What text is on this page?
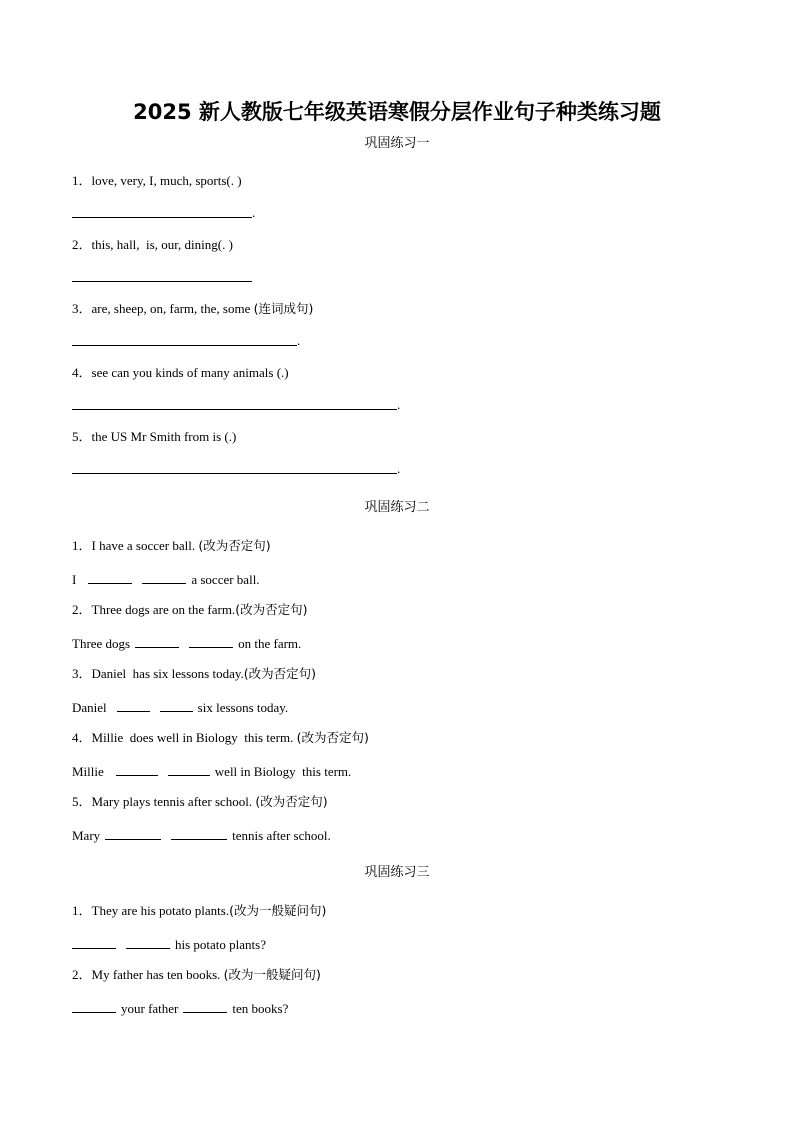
2025 新人教版七年级英语寒假分层作业句子种类练习题
巩固练习一
1．love, very, I, much, sports(. )
.
2．this, hall,  is, our, dining(. )
3．are, sheep, on, farm, the, some (连词成句)
.
4．see can you kinds of many animals (.)
.
5．the US Mr Smith from is (.)
.
巩固练习二
1．I have a soccer ball. (改为否定句)
I	a soccer ball.
2．Three dogs are on the farm.(改为否定句)
Three dogs	on the farm.
3．Daniel  has six lessons today.(改为否定句)
Daniel	six lessons today.
4．Millie  does well in Biology  this term. (改为否定句)
Millie	well in Biology  this term.
5．Mary plays tennis after school. (改为否定句)
Mary	tennis after school.
巩固练习三
1．They are his potato plants.(改为一般疑问句)
his potato plants?
2．My father has ten books. (改为一般疑问句)
your father	ten books?
